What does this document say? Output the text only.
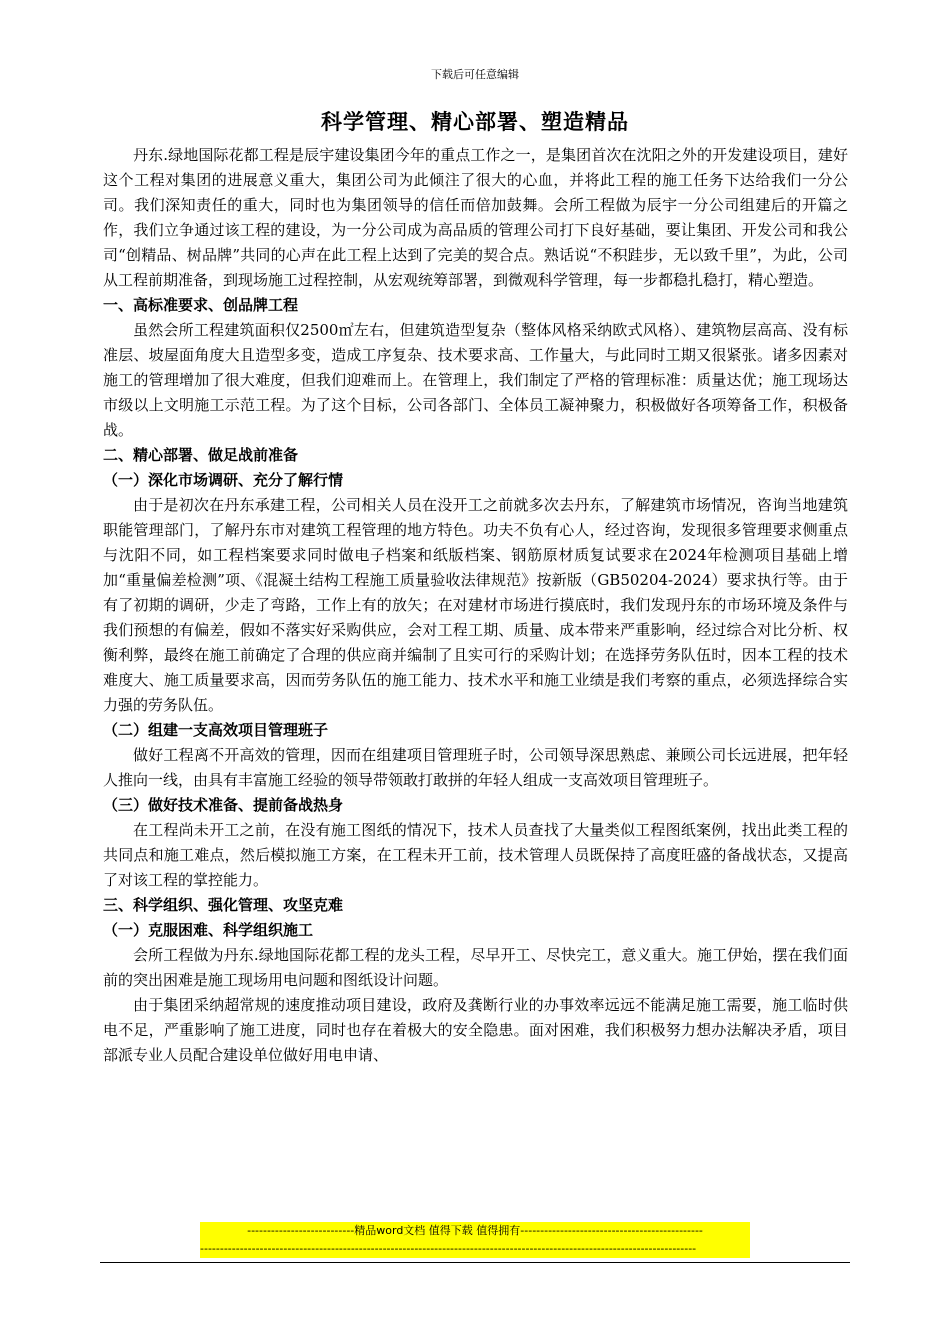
下载后可任意编辑
科学管理、精心部署、塑造精品

丹东.绿地国际花都工程是辰宇建设集团今年的重点工作之一，是集团首次在沈阳之外的开发建设项目，建好这个工程对集团的进展意义重大，集团公司为此倾注了很大的心血，并将此工程的施工任务下达给我们一分公司。我们深知责任的重大，同时也为集团领导的信任而倍加鼓舞。会所工程做为辰宇一分公司组建后的开篇之作，我们立争通过该工程的建设，为一分公司成为高品质的管理公司打下良好基础，要让集团、开发公司和我公司“创精品、树品牌”共同的心声在此工程上达到了完美的契合点。熟话说“不积跬步，无以致千里”，为此，公司从工程前期准备，到现场施工过程控制，从宏观统筹部署，到微观科学管理，每一步都稳扎稳打，精心塑造。

一、高标准要求、创品牌工程

虽然会所工程建筑面积仅2500㎡左右，但建筑造型复杂（整体风格采纳欧式风格）、建筑物层高高、没有标准层、坡屋面角度大且造型多变，造成工序复杂、技术要求高、工作量大，与此同时工期又很紧张。诸多因素对施工的管理增加了很大难度，但我们迎难而上。在管理上，我们制定了严格的管理标准：质量达优；施工现场达市级以上文明施工示范工程。为了这个目标，公司各部门、全体员工凝神聚力，积极做好各项筹备工作，积极备战。

二、精心部署、做足战前准备
（一）深化市场调研、充分了解行情

由于是初次在丹东承建工程，公司相关人员在没开工之前就多次去丹东，了解建筑市场情况，咨询当地建筑职能管理部门，了解丹东市对建筑工程管理的地方特色。功夫不负有心人，经过咨询，发现很多管理要求侧重点与沈阳不同，如工程档案要求同时做电子档案和纸版档案、钢筋原材质复试要求在2024年检测项目基础上增加“重量偏差检测”项、《混凝土结构工程施工质量验收法律规范》按新版（GB50204-2024）要求执行等。由于有了初期的调研，少走了弯路，工作上有的放矢；在对建材市场进行摸底时，我们发现丹东的市场环境及条件与我们预想的有偏差，假如不落实好采购供应，会对工程工期、质量、成本带来严重影响，经过综合对比分析、权衡利弊，最终在施工前确定了合理的供应商并编制了且实可行的采购计划；在选择劳务队伍时，因本工程的技术难度大、施工质量要求高，因而劳务队伍的施工能力、技术水平和施工业绩是我们考察的重点，必须选择综合实力强的劳务队伍。

（二）组建一支高效项目管理班子

做好工程离不开高效的管理，因而在组建项目管理班子时，公司领导深思熟虑、兼顾公司长远进展，把年轻人推向一线，由具有丰富施工经验的领导带领敢打敢拼的年轻人组成一支高效项目管理班子。

（三）做好技术准备、提前备战热身

在工程尚未开工之前，在没有施工图纸的情况下，技术人员查找了大量类似工程图纸案例，找出此类工程的共同点和施工难点，然后模拟施工方案，在工程未开工前，技术管理人员既保持了高度旺盛的备战状态，又提高了对该工程的掌控能力。

三、科学组织、强化管理、攻坚克难
（一）克服困难、科学组织施工

会所工程做为丹东.绿地国际花都工程的龙头工程，尽早开工、尽快完工，意义重大。施工伊始，摆在我们面前的突出困难是施工现场用电问题和图纸设计问题。

由于集团采纳超常规的速度推动项目建设，政府及龚断行业的办事效率远远不能满足施工需要，施工临时供电不足，严重影响了施工进度，同时也存在着极大的安全隐患。面对困难，我们积极努力想办法解决矛盾，项目部派专业人员配合建设单位做好用电申请、

---------------------------精品word文档 值得下载 值得拥有----------------------------------------------
-----------------------------------------------------------------------------------------------------------------------------
